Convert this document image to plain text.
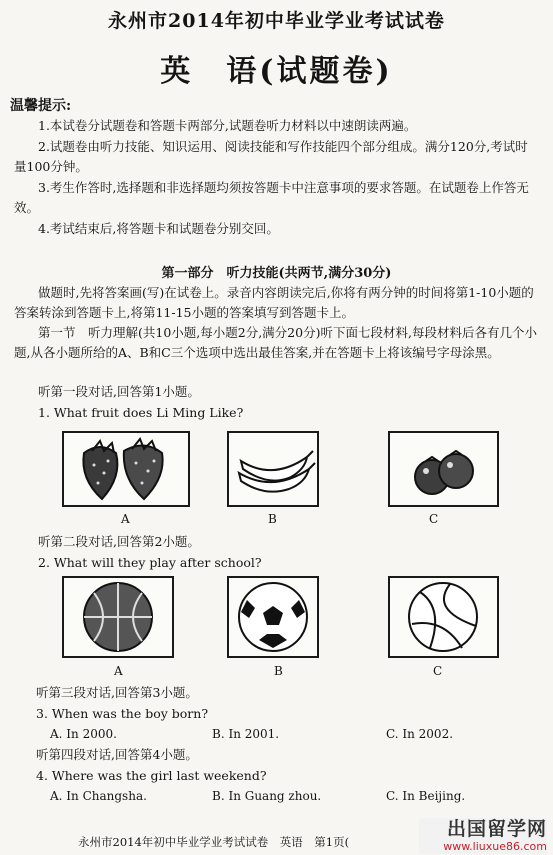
永州市2014年初中毕业学业考试试卷
英　语(试题卷)
温馨提示:
1.本试卷分试题卷和答题卡两部分,试题卷听力材料以中速朗读两遍。
2.试题卷由听力技能、知识运用、阅读技能和写作技能四个部分组成。满分120分,考试时量100分钟。
3.考生作答时,选择题和非选择题均须按答题卡中注意事项的要求答题。在试题卷上作答无效。
4.考试结束后,将答题卡和试题卷分别交回。
第一部分　听力技能(共两节,满分30分)
做题时,先将答案画(写)在试卷上。录音内容朗读完后,你将有两分钟的时间将第1-10小题的答案转涂到答题卡上,将第11-15小题的答案填写到答题卡上。
第一节　听力理解(共10小题,每小题2分,满分20分)听下面七段材料,每段材料后各有几个小题,从各小题所给的A、B和C三个选项中选出最佳答案,并在答题卡上将该编号字母涂黑。
听第一段对话,回答第1小题。
1. What fruit does Li Ming Like?
A	B	C
听第二段对话,回答第2小题。
2. What will they play after school?
A	B	C
听第三段对话,回答第3小题。
3. When was the boy born?
A. In 2000.	B. In 2001.	C. In 2002.
听第四段对话,回答第4小题。
4. Where was the girl last weekend?
A. In Changsha.	B. In Guang zhou.	C. In Beijing.
永州市2014年初中毕业学业考试试卷　英语　第1页(
出国留学网
www.liuxue86.com
